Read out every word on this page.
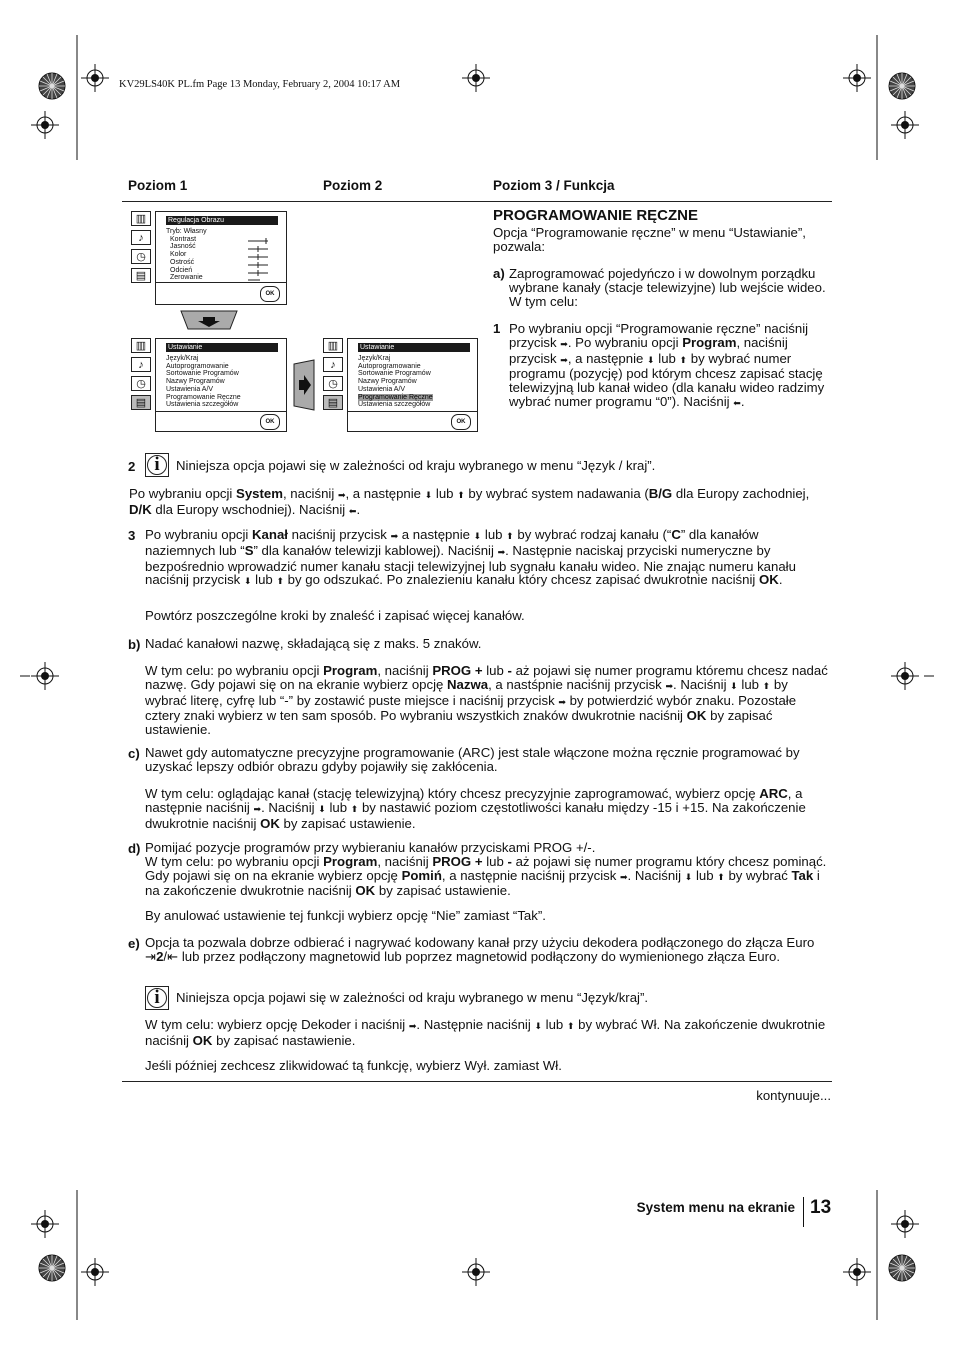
KV29LS40K PL.fm Page 13 Monday, February 2, 2004 10:17 AM
Poziom 1	Poziom 2	Poziom 3 / Funkcja
▥
♪
◷
▤
Regulacja Obrazu
Tryb: Własny
Kontrast
Jasność
Kolor
Ostrość
Odcień
Zerowanie
OK
▥
♪
◷
▤
Ustawianie
Język/Kraj
Autoprogramowanie
Sortowanie Programów
Nazwy Programów
Ustawienia A/V
Programowanie Ręczne
Ustawienia szczegółów
OK
▥
♪
◷
▤
Ustawianie
Język/Kraj
Autoprogramowanie
Sortowanie Programów
Nazwy Programów
Ustawienia A/V
Programowanie Ręczne
Ustawienia szczegółów
OK
PROGRAMOWANIE RĘCZNE
Opcja “Programowanie ręczne” w menu “Ustawianie”, pozwala:
a) Zaprogramować pojedyńczo i w dowolnym porządku wybrane kanały (stacje telewizyjne) lub wejście wideo. W tym celu:
1 Po wybraniu opcji “Programowanie ręczne” naciśnij przycisk ➡. Po wybraniu opcji Program, naciśnij przycisk ➡, a następnie ⬇ lub ⬆ by wybrać numer programu (pozycję) pod którym chcesz zapisać stację telewizyjną lub kanał wideo (dla kanału wideo radzimy wybrać numer programu “0”). Naciśnij ⬅.
2	i	Niniejsza opcja pojawi się w zależności od kraju wybranego w menu “Język / kraj”.
Po wybraniu opcji System, naciśnij ➡, a następnie ⬇ lub ⬆ by wybrać system nadawania (B/G dla Europy zachodniej, D/K dla Europy wschodniej). Naciśnij ⬅.
3 Po wybraniu opcji Kanał naciśnij przycisk ➡ a następnie ⬇ lub ⬆ by wybrać rodzaj kanału (“C” dla kanałów naziemnych lub “S” dla kanałów telewizji kablowej). Naciśnij ➡. Następnie naciskaj przyciski numeryczne by bezpośrednio wprowadzić numer kanału stacji telewizyjnej lub sygnału kanału wideo. Nie znając numeru kanału naciśnij przycisk ⬇ lub ⬆ by go odszukać. Po znalezieniu kanału który chcesz zapisać dwukrotnie naciśnij OK.
Powtórz poszczególne kroki by znaleść i zapisać więcej kanałów.
b) Nadać kanałowi nazwę, składającą się z maks. 5 znaków.
W tym celu: po wybraniu opcji Program, naciśnij PROG + lub - aż pojawi się numer programu któremu chcesz nadać nazwę. Gdy pojawi się on na ekranie wybierz opcję Nazwa, a nastśpnie naciśnij przycisk ➡. Naciśnij ⬇ lub ⬆ by wybrać literę, cyfrę lub “-” by zostawić puste miejsce i naciśnij przycisk ➡ by potwierdzić wybór znaku. Pozostałe cztery znaki wybierz w ten sam sposób. Po wybraniu wszystkich znaków dwukrotnie naciśnij OK by zapisać ustawienie.
c) Nawet gdy automatyczne precyzyjne programowanie (ARC) jest stale włączone można ręcznie programować by uzyskać lepszy odbiór obrazu gdyby pojawiły się zakłócenia.
W tym celu: oglądając kanał (stację telewizyjną) który chcesz precyzyjnie zaprogramować, wybierz opcję ARC, a następnie naciśnij ➡. Naciśnij ⬇ lub ⬆ by nastawić poziom częstotliwości kanału między -15 i +15. Na zakończenie dwukrotnie naciśnij OK by zapisać ustawienie.
d) Pomijać pozycje programów przy wybieraniu kanałów przyciskami PROG +/-.
W tym celu: po wybraniu opcji Program, naciśnij PROG + lub - aż pojawi się numer programu który chcesz pominąć. Gdy pojawi się on na ekranie wybierz opcję Pomiń, a następnie naciśnij przycisk ➡. Naciśnij ⬇ lub ⬆ by wybrać Tak i na zakończenie dwukrotnie naciśnij OK by zapisać ustawienie.
By anulować ustawienie tej funkcji wybierz opcję “Nie” zamiast “Tak”.
e) Opcja ta pozwala dobrze odbierać i nagrywać kodowany kanał przy użyciu dekodera podłączonego do złącza Euro ⇥2/⇤ lub przez podłączony magnetowid lub poprzez magnetowid podłączony do wymienionego złącza Euro.
i	Niniejsza opcja pojawi się w zależności od kraju wybranego w menu “Język/kraj”.
W tym celu: wybierz opcję Dekoder i naciśnij ➡. Następnie naciśnij ⬇ lub ⬆ by wybrać Wł. Na zakończenie dwukrotnie naciśnij OK by zapisać nastawienie.
Jeśli później zechcesz zlikwidować tą funkcję, wybierz Wył. zamiast Wł.
kontynuuje...
System menu na ekranie 13
